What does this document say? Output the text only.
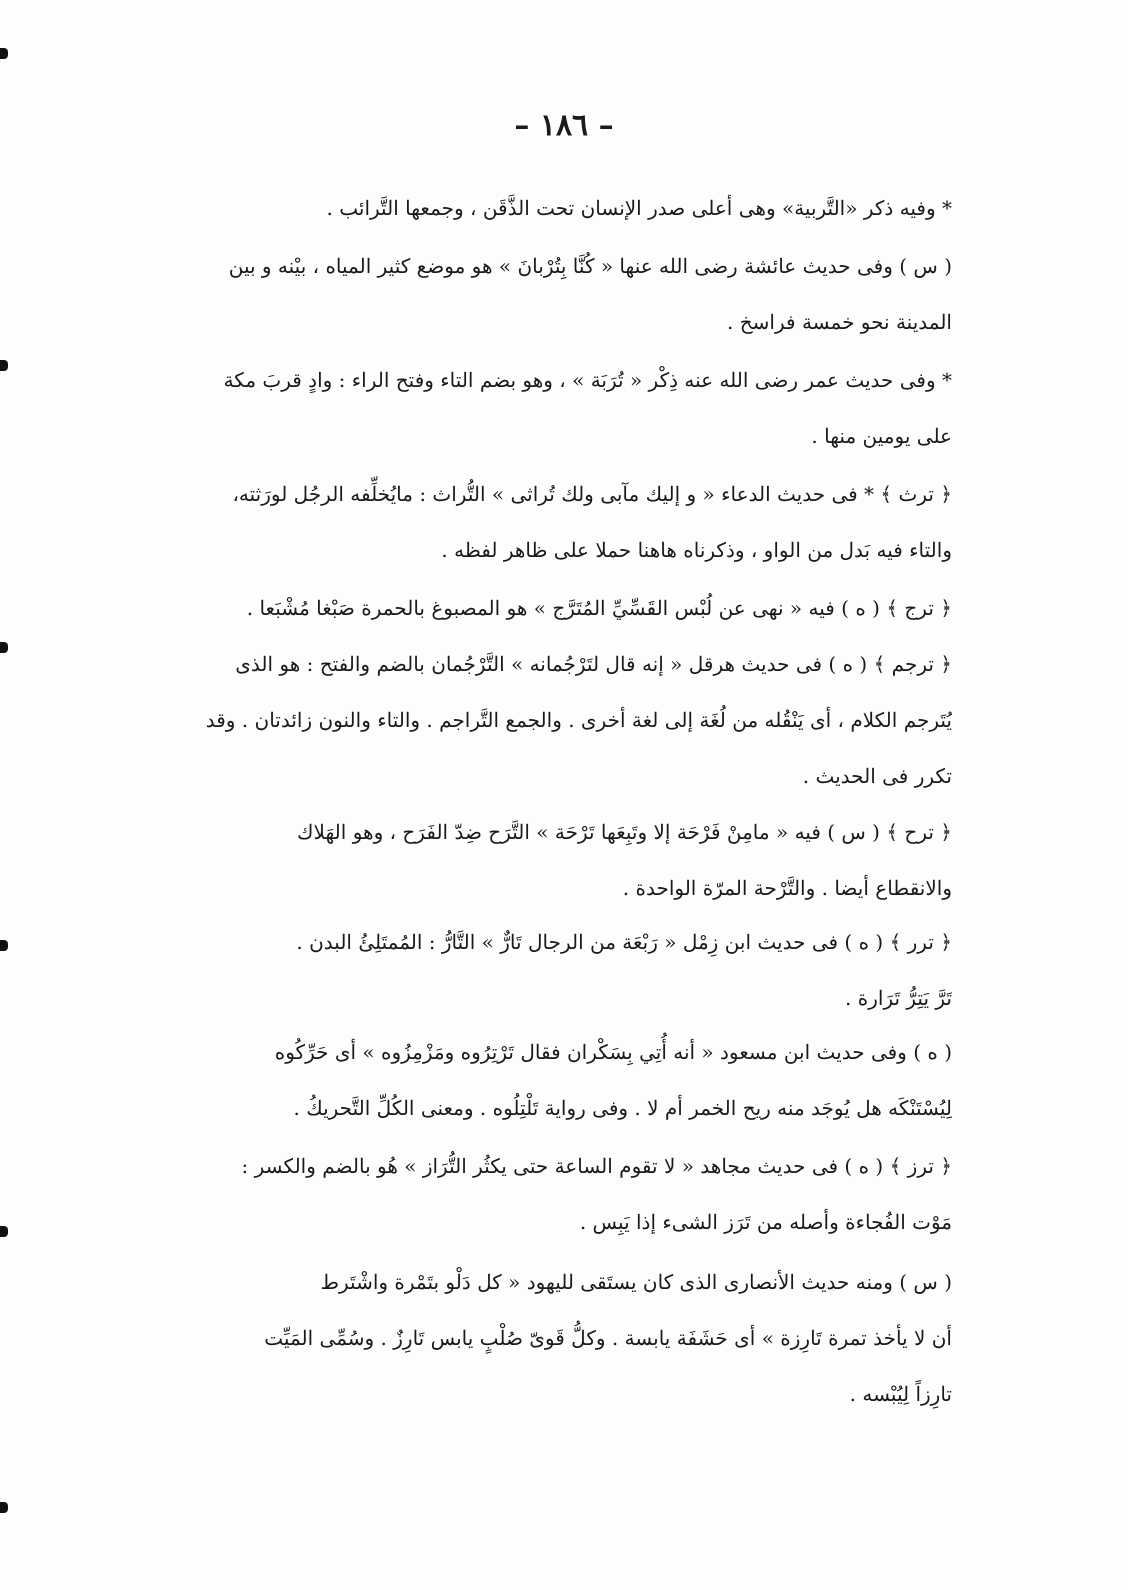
– ١٨٦ –
* وفيه ذكر «التَّربية» وهى أعلى صدر الإنسان تحت الذَّقَن ، وجمعها التَّرائب .
( س ) وفى حديث عائشة رضى الله عنها « كُنَّا بِتُرْبانَ » هو موضع كثير المياه ، بيْنه و بين
المدينة نحو خمسة فراسخ .
* وفى حديث عمر رضى الله عنه ذِكْر « تُرَبَة » ، وهو بضم التاء وفتح الراء : وادٍ قربَ مكة
على يومين منها .
﴿ ترث ﴾ * فى حديث الدعاء « و إليك مآبى ولك تُراثى » التُّراث : مايُخلِّفه الرجُل لورَثته،
والتاء فيه بَدل من الواو ، وذكرناه هاهنا حملا على ظاهر لفظه .
﴿ ترج ﴾ ( ه ) فيه « نهى عن لُبْس القَسِّيِّ المُتَرَّج » هو المصبوغ بالحمرة صَبْغا مُشْبَعا .
﴿ ترجم ﴾ ( ه ) فى حديث هرقل « إنه قال لتَرْجُمانه » التَّرْجُمان بالضم والفتح : هو الذى
يُتَرجم الكلام ، أى يَنْقُله من لُغَة إلى لغة أخرى . والجمع التَّراجم . والتاء والنون زائدتان . وقد
تكرر فى الحديث .
﴿ ترح ﴾ ( س ) فيه « مامِنْ فَرْحَة إلا وتَبِعَها تَرْحَة » التَّرَح ضِدّ الفَرَح ، وهو الهَلاك
والانقطاع أيضا . والتَّرْحة المرّة الواحدة .
﴿ ترر ﴾ ( ه ) فى حديث ابن زِمْل « رَبْعَة من الرجال تَارٌّ » التَّارُّ : المُمتَلِئُ البدن .
تَرَّ يَتِرُّ تَرَارة .
( ه ) وفى حديث ابن مسعود « أنه أُتِي بِسَكْران فقال تَرْتِرُوه ومَزْمِزُوه » أى حَرِّكُوه
لِيُسْتَنْكَه هل يُوجَد منه ريح الخمر أم لا . وفى رواية تَلْتِلُوه . ومعنى الكُلِّ التَّحريكُ .
﴿ ترز ﴾ ( ه ) فى حديث مجاهد « لا تقوم الساعة حتى يكثُر التُّرَاز » هُو بالضم والكسر :
مَوْت الفُجاءة وأصله من تَرَز الشىء إذا يَبِس .
( س ) ومنه حديث الأنصارى الذى كان يستَقى لليهود « كل دَلْو بتَمْرة واشْتَرط
أن لا يأخذ تمرة تَارِزة » أى حَشَفَة يابسة . وكلُّ قَوىّ صُلْبٍ يابس تَارِزٌ . وسُمِّى المَيِّت
تارِزاً لِيُبْسه .
